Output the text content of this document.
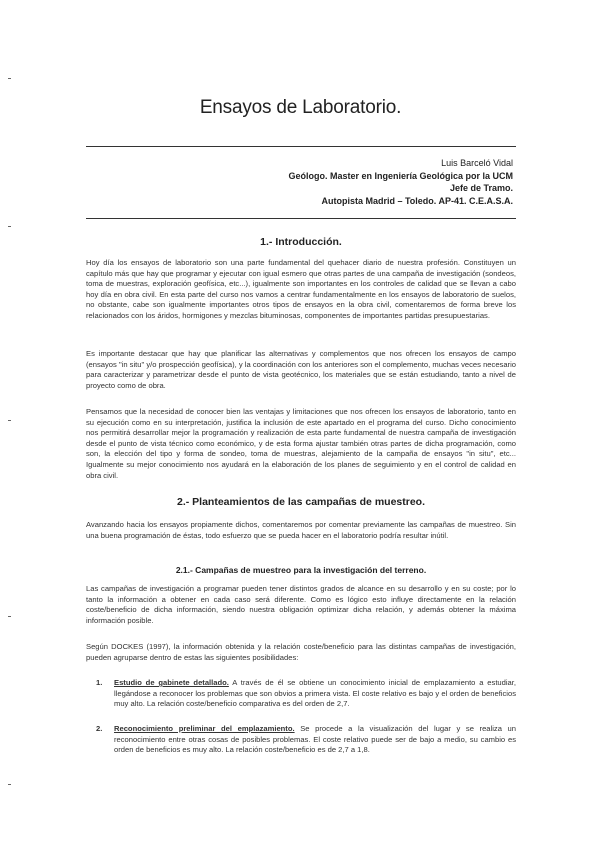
Ensayos de Laboratorio.
Luis Barceló Vidal
Geólogo. Master en Ingeniería Geológica por la UCM
Jefe de Tramo.
Autopista Madrid – Toledo. AP-41. C.E.A.S.A.
1.- Introducción.

Hoy día los ensayos de laboratorio son una parte fundamental del quehacer diario de nuestra profesión. Constituyen un capítulo más que hay que programar y ejecutar con igual esmero que otras partes de una campaña de investigación (sondeos, toma de muestras, exploración geofísica, etc...), igualmente son importantes en los controles de calidad que se llevan a cabo hoy día en obra civil. En esta parte del curso nos vamos a centrar fundamentalmente en los ensayos de laboratorio de suelos, no obstante, cabe son igualmente importantes otros tipos de ensayos en la obra civil, comentaremos de forma breve los relacionados con los áridos, hormigones y mezclas bituminosas, componentes de importantes partidas presupuestarias.

Es importante destacar que hay que planificar las alternativas y complementos que nos ofrecen los ensayos de campo (ensayos "in situ" y/o prospección geofísica), y la coordinación con los anteriores son el complemento, muchas veces necesario para caracterizar y parametrizar desde el punto de vista geotécnico, los materiales que se están estudiando, tanto a nivel de proyecto como de obra.

Pensamos que la necesidad de conocer bien las ventajas y limitaciones que nos ofrecen los ensayos de laboratorio, tanto en su ejecución como en su interpretación, justifica la inclusión de este apartado en el programa del curso. Dicho conocimiento nos permitirá desarrollar mejor la programación y realización de esta parte fundamental de nuestra campaña de investigación desde el punto de vista técnico como económico, y de esta forma ajustar también otras partes de dicha programación, como son, la elección del tipo y forma de sondeo, toma de muestras, alejamiento de la campaña de ensayos "in situ", etc... Igualmente su mejor conocimiento nos ayudará en la elaboración de los planes de seguimiento y en el control de calidad en obra civil.

2.- Planteamientos de las campañas de muestreo.

Avanzando hacia los ensayos propiamente dichos, comentaremos por comentar previamente las campañas de muestreo. Sin una buena programación de éstas, todo esfuerzo que se pueda hacer en el laboratorio podría resultar inútil.

2.1.- Campañas de muestreo para la investigación del terreno.

Las campañas de investigación a programar pueden tener distintos grados de alcance en su desarrollo y en su coste; por lo tanto la información a obtener en cada caso será diferente. Como es lógico esto influye directamente en la relación coste/beneficio de dicha información, siendo nuestra obligación optimizar dicha relación, y además obtener la máxima información posible.

Según DOCKES (1997), la información obtenida y la relación coste/beneficio para las distintas campañas de investigación, pueden agruparse dentro de estas las siguientes posibilidades:

1. Estudio de gabinete detallado. A través de él se obtiene un conocimiento inicial de emplazamiento a estudiar, llegándose a reconocer los problemas que son obvios a primera vista. El coste relativo es bajo y el orden de beneficios muy alto. La relación coste/beneficio comparativa es del orden de 2,7.
2. Reconocimiento preliminar del emplazamiento. Se procede a la visualización del lugar y se realiza un reconocimiento entre otras cosas de posibles problemas. El coste relativo puede ser de bajo a medio, su cambio es orden de beneficios es muy alto. La relación coste/beneficio es de 2,7 a 1,8.
